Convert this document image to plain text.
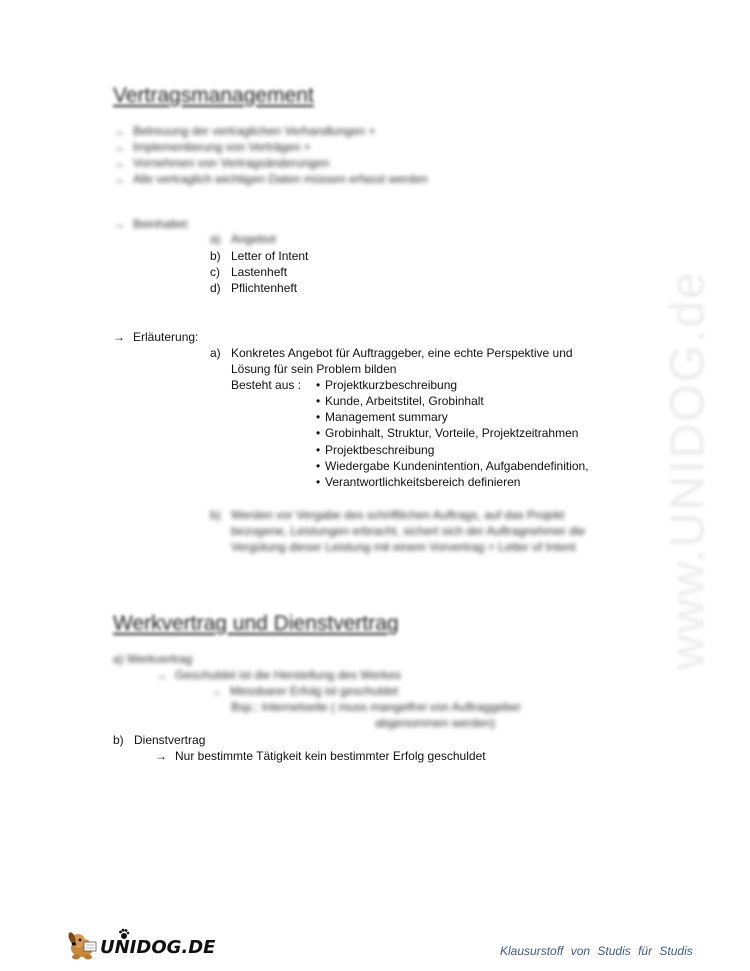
www.UNIDOG.de
Vertragsmanagement
→ Betreuung der vertraglichen Verhandlungen +
→ Implementierung von Verträgen +
→ Vornehmen von Vertragsänderungen
→ Alle vertraglich wichtigen Daten müssen erfasst werden
→ Beinhaltet:
a) Angebot
b) Letter of Intent
c) Lastenheft
d) Pflichtenheft
→ Erläuterung:
a) Konkretes Angebot für Auftraggeber, eine echte Perspektive und
Lösung für sein Problem bilden
Besteht aus : • Projektkurzbeschreibung
• Kunde, Arbeitstitel, Grobinhalt
• Management summary
• Grobinhalt, Struktur, Vorteile, Projektzeitrahmen
• Projektbeschreibung
• Wiedergabe Kundenintention, Aufgabendefinition,
• Verantwortlichkeitsbereich definieren
b) Werden vor Vergabe des schriftlichen Auftrags, auf das Projekt
bezogene, Leistungen erbracht, sichert sich der Auftragnehmer die
Vergütung dieser Leistung mit einem Vorvertrag = Letter of Intent
Werkvertrag und Dienstvertrag
a) Werkvertrag
→ Geschuldet ist die Herstellung des Werkes
→ Messbarer Erfolg ist geschuldet
Bsp.: Internetseite ( muss mangelfrei von Auftraggeber
abgenommen werden)
b) Dienstvertrag
→ Nur bestimmte Tätigkeit kein bestimmter Erfolg geschuldet
UNIDOG.DE	Klausurstoff von Studis für Studis
